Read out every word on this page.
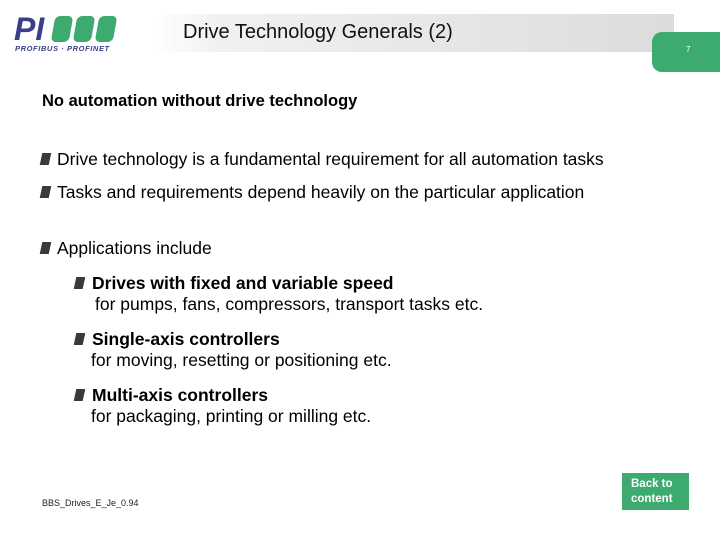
PI
PROFIBUS · PROFINET
Drive Technology Generals (2)
7
No automation without drive technology
Drive technology is a fundamental requirement for all automation tasks
Tasks and requirements depend heavily on the particular application
Applications include
Drives with fixed and variable speed
for pumps, fans, compressors, transport tasks etc.
Single-axis controllers
for moving, resetting or positioning etc.
Multi-axis controllers
for packaging, printing or milling etc.
BBS_Drives_E_Je_0.94
Back to
content
